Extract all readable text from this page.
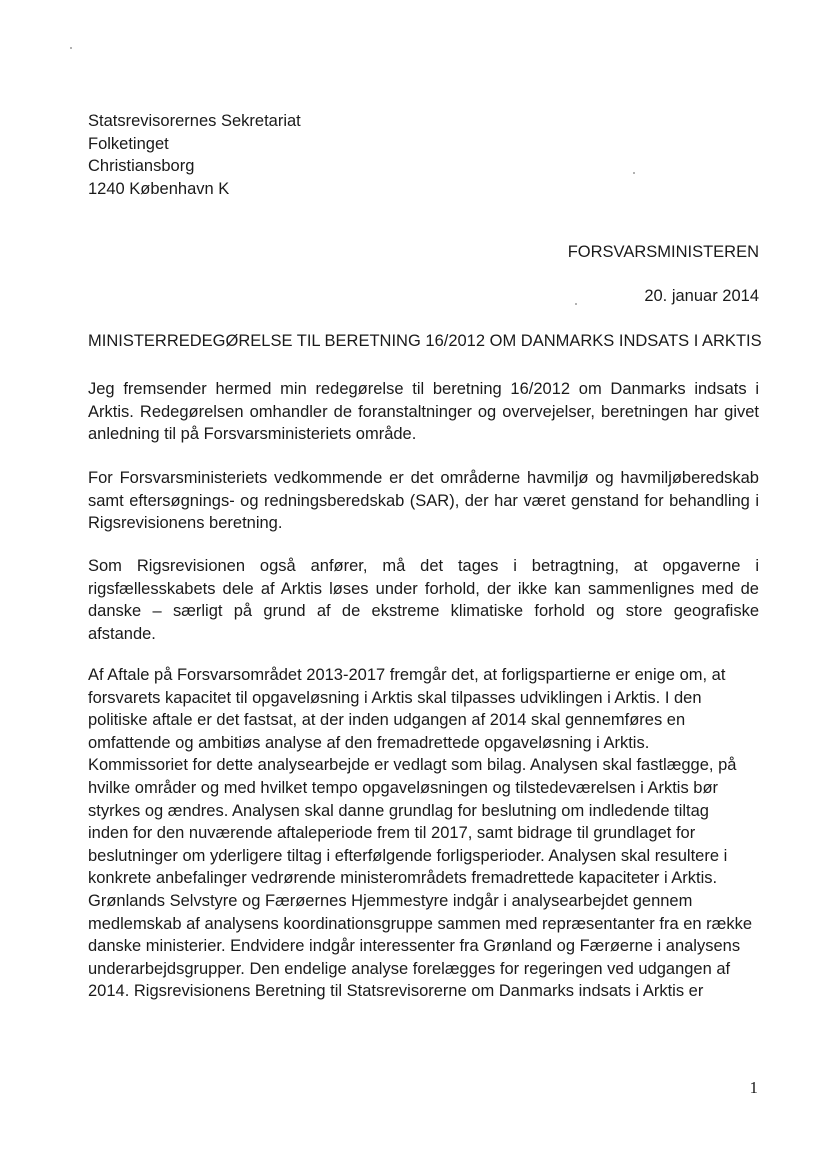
Statsrevisorernes Sekretariat
Folketinget
Christiansborg
1240 København K
FORSVARSMINISTEREN
20. januar 2014
MINISTERREDEGØRELSE TIL BERETNING 16/2012 OM DANMARKS INDSATS I ARKTIS
Jeg fremsender hermed min redegørelse til beretning 16/2012 om Danmarks indsats i
Arktis. Redegørelsen omhandler de foranstaltninger og overvejelser, beretningen har givet
anledning til på Forsvarsministeriets område.
For Forsvarsministeriets vedkommende er det områderne havmiljø og havmiljøberedskab
samt eftersøgnings- og redningsberedskab (SAR), der har været genstand for behandling i
Rigsrevisionens beretning.
Som Rigsrevisionen også anfører, må det tages i betragtning, at opgaverne i
rigsfællesskabets dele af Arktis løses under forhold, der ikke kan sammenlignes med de
danske – særligt på grund af de ekstreme klimatiske forhold og store geografiske
afstande.
Af Aftale på Forsvarsområdet 2013-2017 fremgår det, at forligspartierne er enige om, at
forsvarets kapacitet til opgaveløsning i Arktis skal tilpasses udviklingen i Arktis. I den
politiske aftale er det fastsat, at der inden udgangen af 2014 skal gennemføres en
omfattende og ambitiøs analyse af den fremadrettede opgaveløsning i Arktis.
Kommissoriet for dette analysearbejde er vedlagt som bilag. Analysen skal fastlægge, på
hvilke områder og med hvilket tempo opgaveløsningen og tilstedeværelsen i Arktis bør
styrkes og ændres. Analysen skal danne grundlag for beslutning om indledende tiltag
inden for den nuværende aftaleperiode frem til 2017, samt bidrage til grundlaget for
beslutninger om yderligere tiltag i efterfølgende forligsperioder. Analysen skal resultere i
konkrete anbefalinger vedrørende ministerområdets fremadrettede kapaciteter i Arktis.
Grønlands Selvstyre og Færøernes Hjemmestyre indgår i analysearbejdet gennem
medlemskab af analysens koordinationsgruppe sammen med repræsentanter fra en række
danske ministerier. Endvidere indgår interessenter fra Grønland og Færøerne i analysens
underarbejdsgrupper. Den endelige analyse forelægges for regeringen ved udgangen af
2014. Rigsrevisionens Beretning til Statsrevisorerne om Danmarks indsats i Arktis er
1
